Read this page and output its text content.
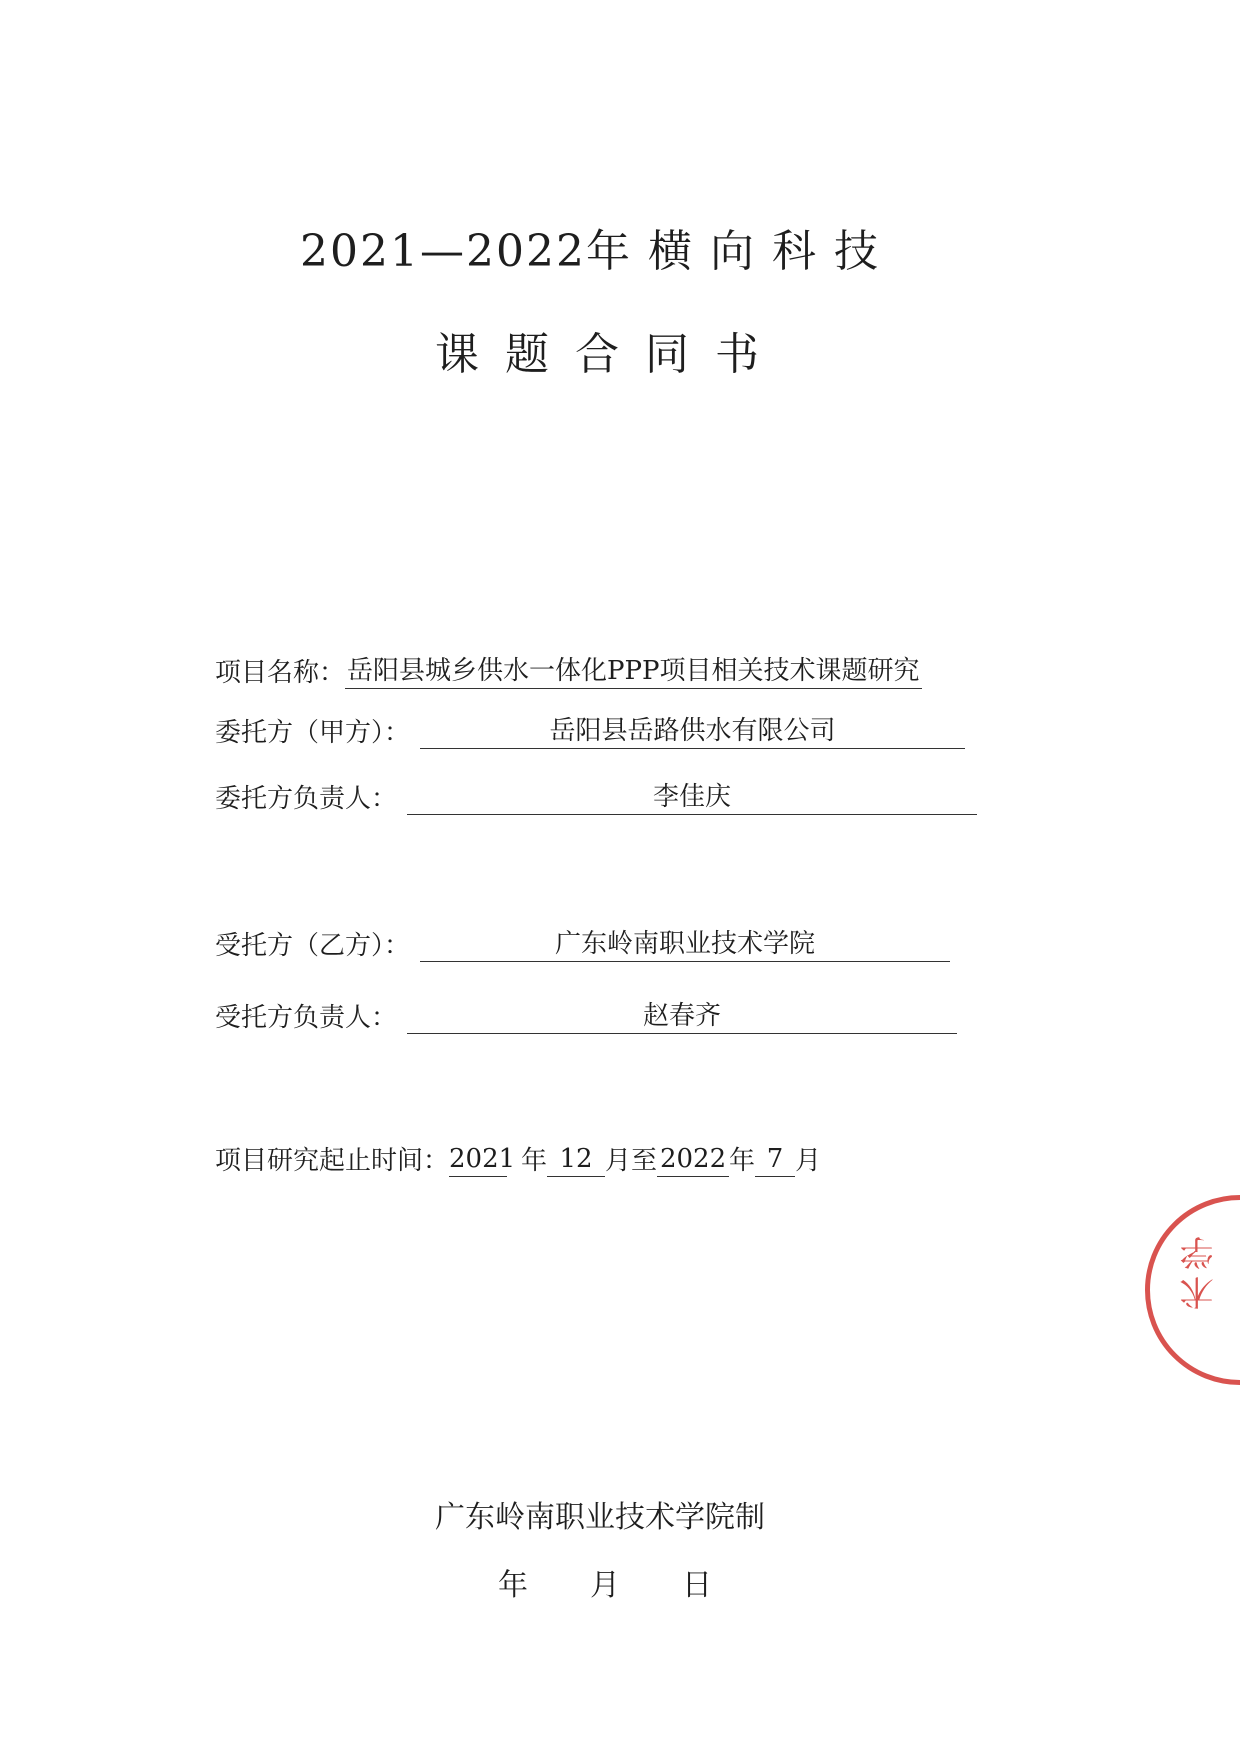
2021—2022年 横 向 科 技
课题合同书
项目名称： 岳阳县城乡供水一体化PPP项目相关技术课题研究
委托方（甲方）：	岳阳县岳路供水有限公司
委托方负责人：	李佳庆
受托方（乙方）：	广东岭南职业技术学院
受托方负责人：	赵春齐
项目研究起止时间： 2021 年 12 月至 2022 年 7 月
广东岭南职业技术学院制
年 月 日
术学
